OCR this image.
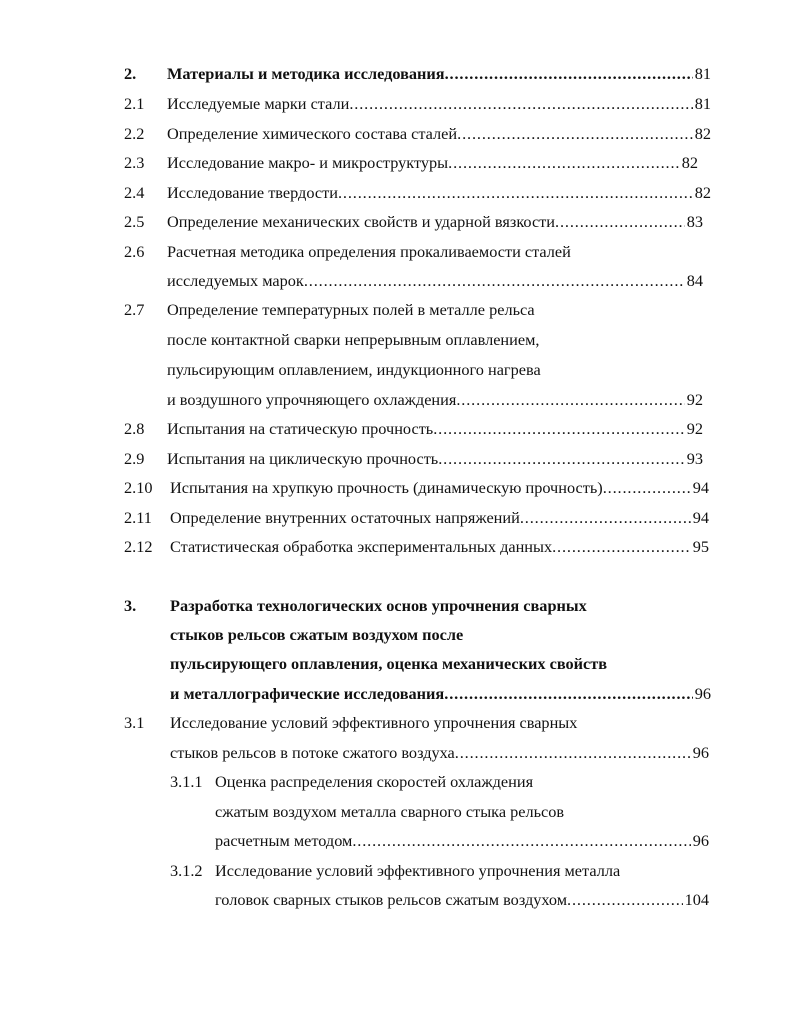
2. Материалы и методика исследования . . .	81
2.1 Исследуемые марки стали . . .	81
2.2 Определение химического состава сталей . . .	82
2.3 Исследование макро- и микроструктуры . . .	82
2.4 Исследование твердости . . .	82
2.5 Определение механических свойств и ударной вязкости . . .	83
2.6 Расчетная методика определения прокаливаемости сталей
исследуемых марок . . .	84
2.7 Определение температурных полей в металле рельса
после контактной сварки непрерывным оплавлением,
пульсирующим оплавлением, индукционного нагрева
и воздушного упрочняющего охлаждения . . .	92
2.8 Испытания на статическую прочность . . .	92
2.9 Испытания на циклическую прочность . . .	93
2.10 Испытания на хрупкую прочность (динамическую прочность) . . .	94
2.11 Определение внутренних остаточных напряжений . . .	94
2.12 Статистическая обработка экспериментальных данных . . .	95
3. Разработка технологических основ упрочнения сварных
стыков рельсов сжатым воздухом после
пульсирующего оплавления, оценка механических свойств
и металлографические исследования . . .	96
3.1 Исследование условий эффективного упрочнения сварных
стыков рельсов в потоке сжатого воздуха . . .	96
3.1.1 Оценка распределения скоростей охлаждения
сжатым воздухом металла сварного стыка рельсов
расчетным методом . . .	96
3.1.2 Исследование условий эффективного упрочнения металла
головок сварных стыков рельсов сжатым воздухом . . .	104
